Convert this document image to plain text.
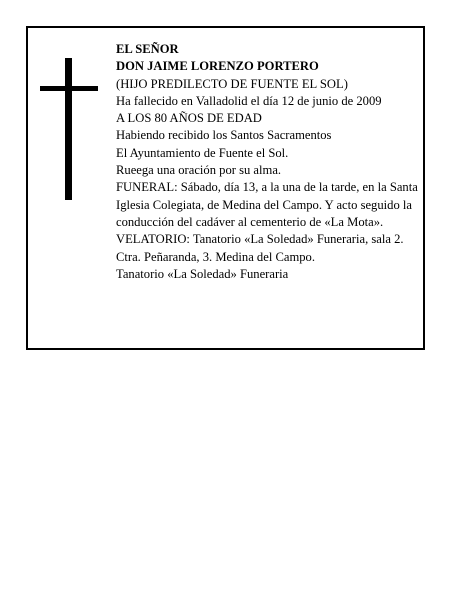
EL SEÑOR

DON JAIME LORENZO PORTERO

(HIJO PREDILECTO DE FUENTE EL SOL)

Ha fallecido en Valladolid el día 12 de junio de 2009

A LOS 80 AÑOS DE EDAD

Habiendo recibido los Santos Sacramentos

El Ayuntamiento de Fuente el Sol.

Rueega una oración por su alma.

FUNERAL: Sábado, día 13, a la una de la tarde, en la Santa Iglesia Colegiata, de Medina del Campo. Y acto seguido la conducción del cadáver al cementerio de «La Mota».

VELATORIO: Tanatorio «La Soledad» Funeraria, sala 2. Ctra. Peñaranda, 3. Medina del Campo.

Tanatorio «La Soledad» Funeraria
